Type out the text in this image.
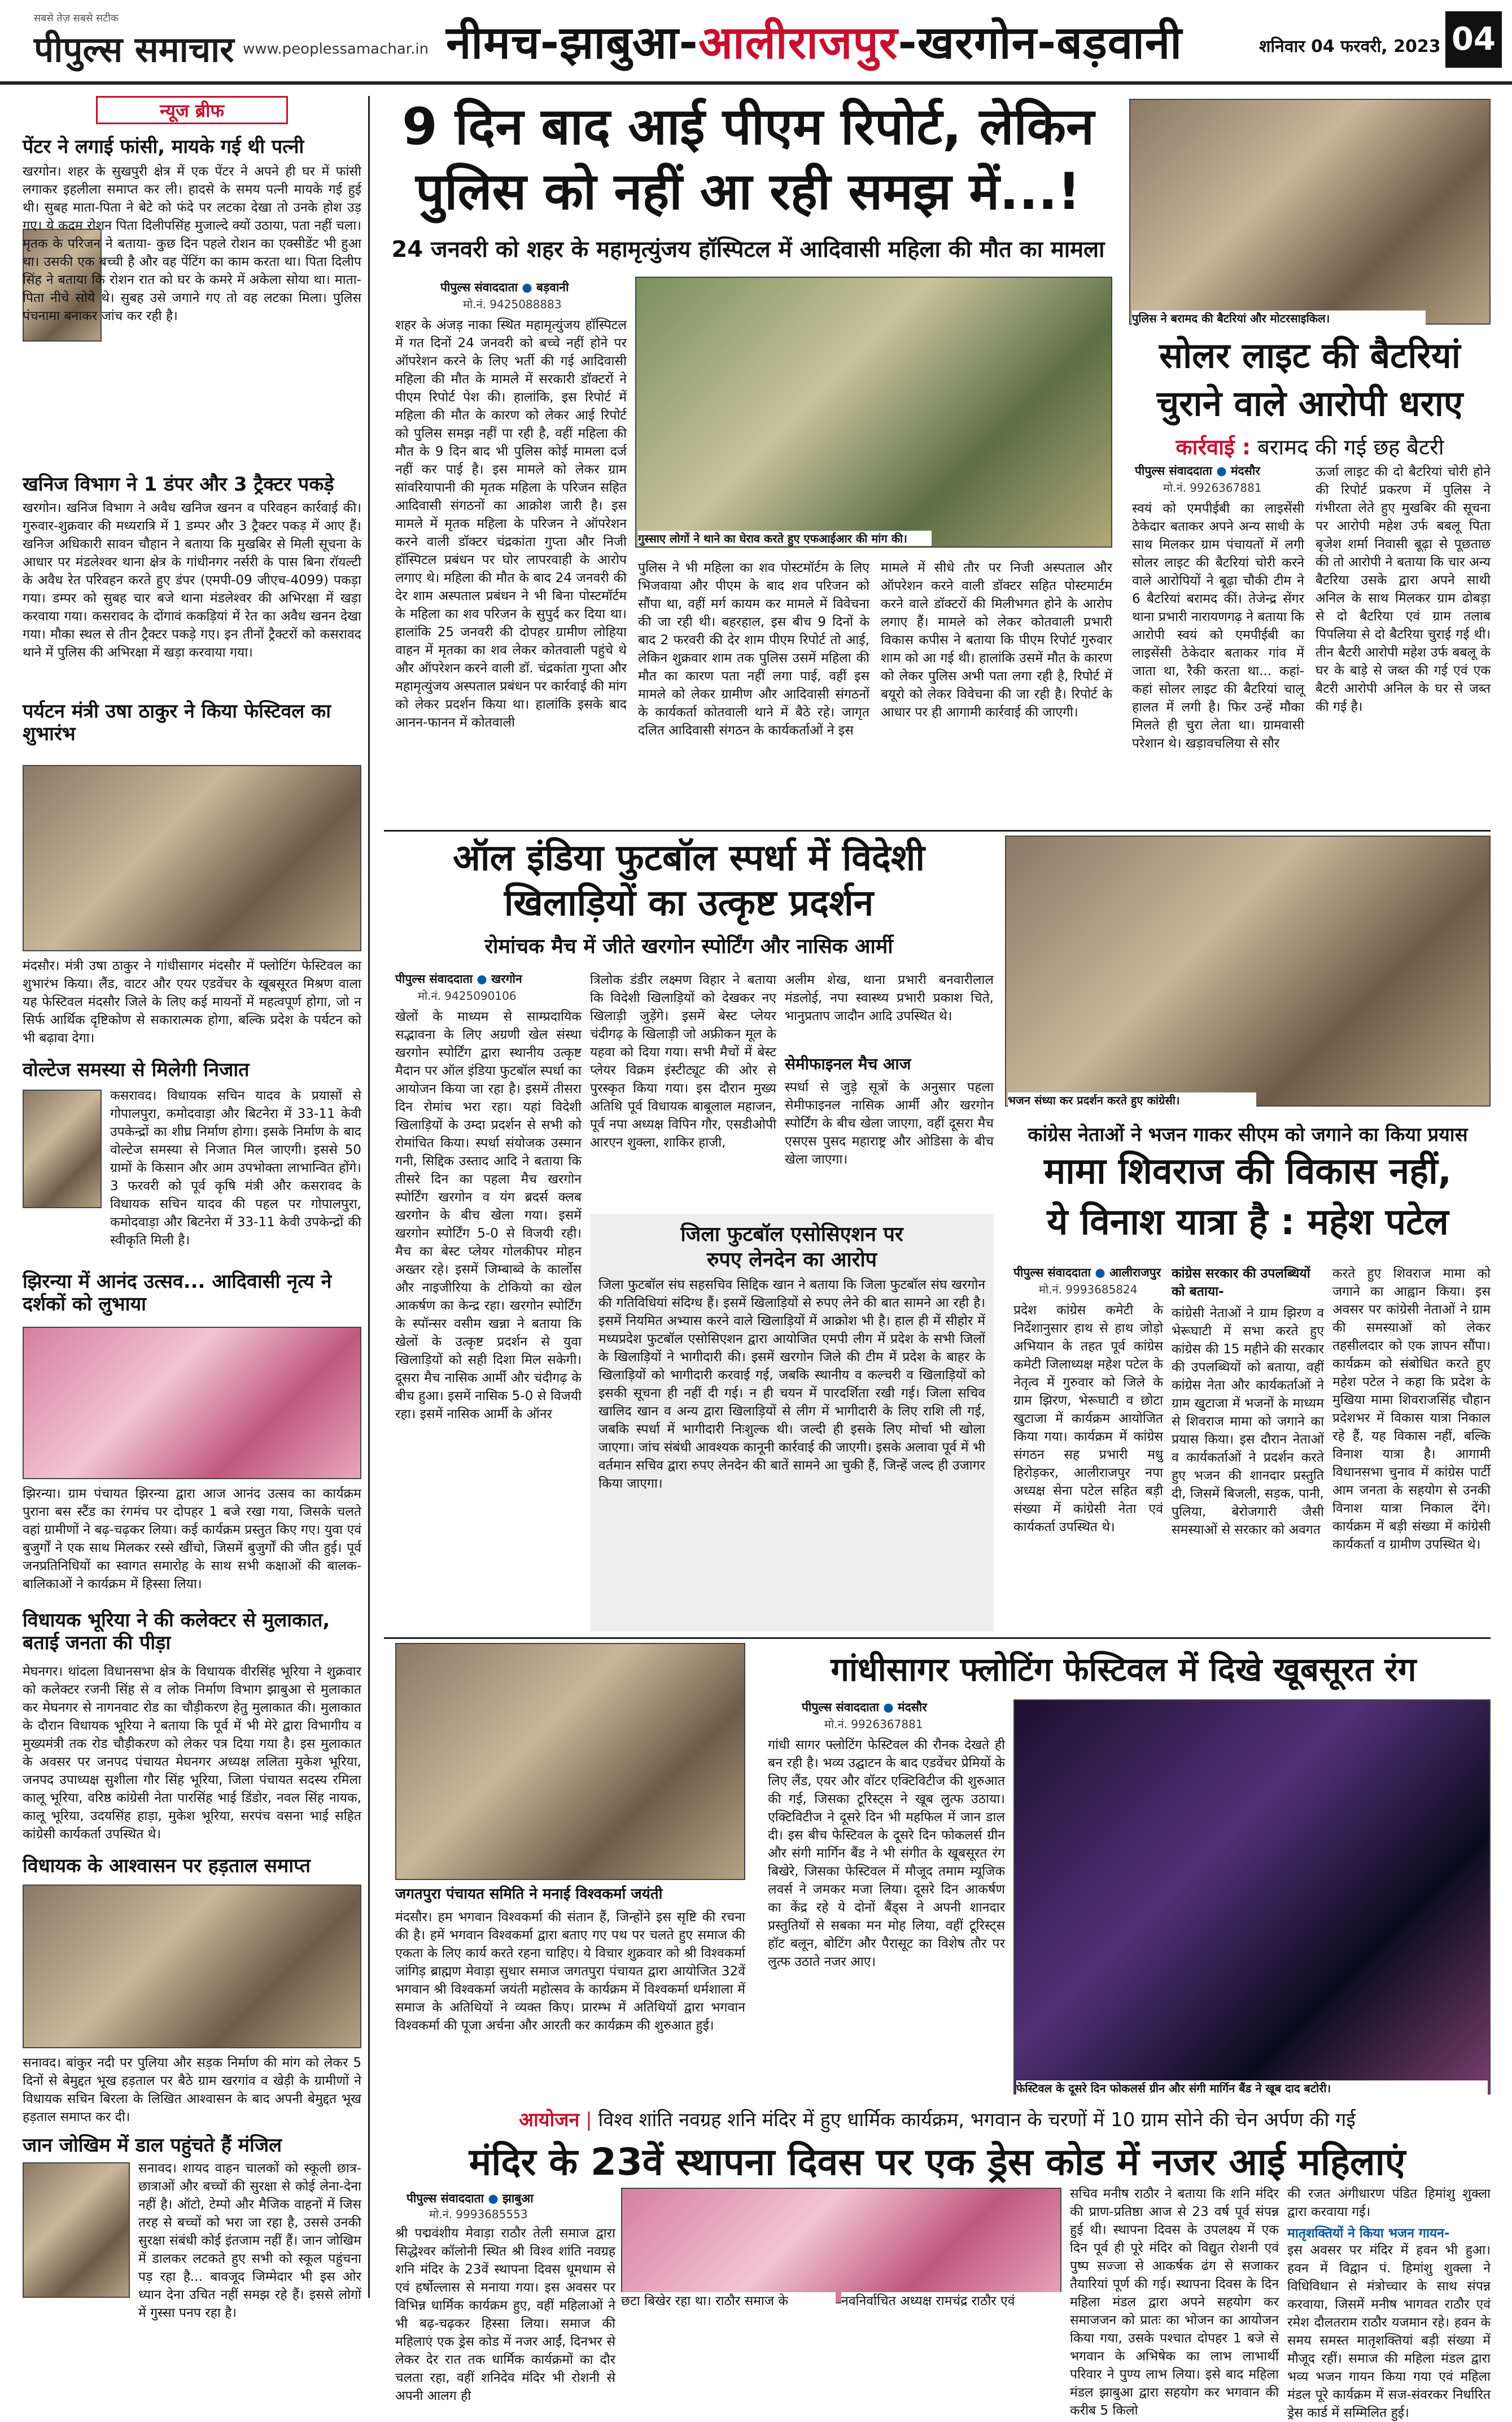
सबसे तेज़ सबसे सटीक
पीपुल्स समाचार www.peoplessamachar.in नीमच-झाबुआ-आलीराजपुर-खरगोन-बड़वानी	शनिवार 04 फरवरी, 2023 04
न्यूज ब्रीफ
पेंटर ने लगाई फांसी, मायके गई थी पत्नी
खरगोन। शहर के सुखपुरी क्षेत्र में एक पेंटर ने अपने ही घर में फांसी लगाकर इहलीला समाप्त कर ली। हादसे के समय पत्नी मायके गई हुई थी। सुबह माता-पिता ने बेटे को फंदे पर लटका देखा तो उनके होश उड़ गए। ये कदम रोशन पिता दिलीपसिंह मुजाल्दे क्यों उठाया, पता नहीं चला। मृतक के परिजन ने बताया- कुछ दिन पहले रोशन का एक्सीडेंट भी हुआ था। उसकी एक बच्ची है और वह पेंटिंग का काम करता था। पिता दिलीप सिंह ने बताया कि रोशन रात को घर के कमरे में अकेला सोया था। माता-पिता नीचे सोये थे। सुबह उसे जगाने गए तो वह लटका मिला। पुलिस पंचनामा बनाकर जांच कर रही है।
खनिज विभाग ने 1 डंपर और 3 ट्रैक्टर पकड़े
खरगोन। खनिज विभाग ने अवैध खनिज खनन व परिवहन कार्रवाई की। गुरुवार-शुक्रवार की मध्यरात्रि में 1 डम्पर और 3 ट्रैक्टर पकड़ में आए हैं। खनिज अधिकारी सावन चौहान ने बताया कि मुखबिर से मिली सूचना के आधार पर मंडलेश्वर थाना क्षेत्र के गांधीनगर नर्सरी के पास बिना रॉयल्टी के अवैध रेत परिवहन करते हुए डंपर (एमपी-09 जीएच-4099) पकड़ा गया। डम्पर को सुबह चार बजे थाना मंडलेश्वर की अभिरक्षा में खड़ा करवाया गया। कसरावद के दोंगावं ककड़ियां में रेत का अवैध खनन देखा गया। मौका स्थल से तीन ट्रैक्टर पकड़े गए। इन तीनों ट्रैक्टरों को कसरावद थाने में पुलिस की अभिरक्षा में खड़ा करवाया गया।
पर्यटन मंत्री उषा ठाकुर ने किया फेस्टिवल का शुभारंभ
मंदसौर। मंत्री उषा ठाकुर ने गांधीसागर मंदसौर में फ्लोटिंग फेस्टिवल का शुभारंभ किया। लैंड, वाटर और एयर एडवेंचर के खूबसूरत मिश्रण वाला यह फेस्टिवल मंदसौर जिले के लिए कई मायनों में महत्वपूर्ण होगा, जो न सिर्फ आर्थिक दृष्टिकोण से सकारात्मक होगा, बल्कि प्रदेश के पर्यटन को भी बढ़ावा देगा।
वोल्टेज समस्या से मिलेगी निजात
कसरावद। विधायक सचिन यादव के प्रयासों से गोपालपुरा, कमोदवाड़ा और बिटनेरा में 33-11 केवी उपकेन्द्रों का शीघ्र निर्माण होगा। इसके निर्माण के बाद वोल्टेज समस्या से निजात मिल जाएगी। इससे 50 ग्रामों के किसान और आम उपभोक्ता लाभान्वित होंगे। 3 फरवरी को पूर्व कृषि मंत्री और कसरावद के विधायक सचिन यादव की पहल पर गोपालपुरा, कमोदवाड़ा और बिटनेरा में 33-11 केवी उपकेन्द्रों की स्वीकृति मिली है।
झिरन्या में आनंद उत्सव... आदिवासी नृत्य ने दर्शकों को लुभाया
झिरन्या। ग्राम पंचायत झिरन्या द्वारा आज आनंद उत्सव का कार्यक्रम पुराना बस स्टैंड का रंगमंच पर दोपहर 1 बजे रखा गया, जिसके चलते वहां ग्रामीणों ने बढ़-चढ़कर लिया। कई कार्यक्रम प्रस्तुत किए गए। युवा एवं बुजुर्गों ने एक साथ मिलकर रस्से खींचो, जिसमें बुजुर्गों की जीत हुई। पूर्व जनप्रतिनिधियों का स्वागत समारोह के साथ सभी कक्षाओं की बालक-बालिकाओं ने कार्यक्रम में हिस्सा लिया।
विधायक भूरिया ने की कलेक्टर से मुलाकात, बताई जनता की पीड़ा
मेघनगर। थांदला विधानसभा क्षेत्र के विधायक वीरसिंह भूरिया ने शुक्रवार को कलेक्टर रजनी सिंह से व लोक निर्माण विभाग झाबुआ से मुलाकात कर मेघनगर से नागनवाट रोड का चौड़ीकरण हेतु मुलाकात की। मुलाकात के दौरान विधायक भूरिया ने बताया कि पूर्व में भी मेरे द्वारा विभागीय व मुख्यमंत्री तक रोड चौड़ीकरण को लेकर पत्र दिया गया है। इस मुलाकात के अवसर पर जनपद पंचायत मेघनगर अध्यक्ष ललिता मुकेश भूरिया, जनपद उपाध्यक्ष सुशीला गौर सिंह भूरिया, जिला पंचायत सदस्य रमिला कालू भूरिया, वरिष्ठ कांग्रेसी नेता पारसिंह भाई डिंडोर, नवल सिंह नायक, कालू भूरिया, उदयसिंह हाड़ा, मुकेश भूरिया, सरपंच वसना भाई सहित कांग्रेसी कार्यकर्ता उपस्थित थे।
विधायक के आश्वासन पर हड़ताल समाप्त
सनावद। बांकुर नदी पर पुलिया और सड़क निर्माण की मांग को लेकर 5 दिनों से बेमुद्दत भूख हड़ताल पर बैठे ग्राम खरगांव व खेड़ी के ग्रामीणों ने विधायक सचिन बिरला के लिखित आश्वासन के बाद अपनी बेमुद्दत भूख हड़ताल समाप्त कर दी।
जान जोखिम में डाल पहुंचते हैं मंजिल
सनावद। शायद वाहन चालकों को स्कूली छात्र-छात्राओं और बच्चों की सुरक्षा से कोई लेना-देना नहीं है। ऑटो, टेम्पो और मैजिक वाहनों में जिस तरह से बच्चों को भरा जा रहा है, उससे उनकी सुरक्षा संबंधी कोई इंतजाम नहीं हैं। जान जोखिम में डालकर लटकते हुए सभी को स्कूल पहुंचना पड़ रहा है... बावजूद जिम्मेदार भी इस ओर ध्यान देना उचित नहीं समझ रहे हैं। इससे लोगों में गुस्सा पनप रहा है।
9 दिन बाद आई पीएम रिपोर्ट, लेकिन
पुलिस को नहीं आ रही समझ में...!
24 जनवरी को शहर के महामृत्युंजय हॉस्पिटल में आदिवासी महिला की मौत का मामला
पीपुल्स संवाददाता ● बड़वानी
मो.नं. 9425088883
गुस्साए लोगों ने थाने का घेराव करते हुए एफआईआर की मांग की।
शहर के अंजड़ नाका स्थित महामृत्युंजय हॉस्पिटल में गत दिनों 24 जनवरी को बच्चे नहीं होने पर ऑपरेशन करने के लिए भर्ती की गई आदिवासी महिला की मौत के मामले में सरकारी डॉक्टरों ने पीएम रिपोर्ट पेश की। हालांकि, इस रिपोर्ट में महिला की मौत के कारण को लेकर आई रिपोर्ट को पुलिस समझ नहीं पा रही है, वहीं महिला की मौत के 9 दिन बाद भी पुलिस कोई मामला दर्ज नहीं कर पाई है। इस मामले को लेकर ग्राम सांवरियापानी की मृतक महिला के परिजन सहित आदिवासी संगठनों का आक्रोश जारी है। इस मामले में मृतक महिला के परिजन ने ऑपरेशन करने वाली डॉक्टर चंद्रकांता गुप्ता और निजी हॉस्पिटल प्रबंधन पर घोर लापरवाही के आरोप लगाए थे। महिला की मौत के बाद 24 जनवरी की देर शाम अस्पताल प्रबंधन ने भी बिना पोस्टमॉर्टम के महिला का शव परिजन के सुपुर्द कर दिया था। हालांकि 25 जनवरी की दोपहर ग्रामीण लोहिया वाहन में मृतका का शव लेकर कोतवाली पहुंचे थे और ऑपरेशन करने वाली डॉ. चंद्रकांता गुप्ता और महामृत्युंजय अस्पताल प्रबंधन पर कार्रवाई की मांग को लेकर प्रदर्शन किया था। हालांकि इसके बाद आनन-फानन में कोतवाली
पुलिस ने भी महिला का शव पोस्टमॉर्टम के लिए भिजवाया और पीएम के बाद शव परिजन को सौंपा था, वहीं मर्ग कायम कर मामले में विवेचना की जा रही थी। बहरहाल, इस बीच 9 दिनों के बाद 2 फरवरी की देर शाम पीएम रिपोर्ट तो आई, लेकिन शुक्रवार शाम तक पुलिस उसमें महिला की मौत का कारण पता नहीं लगा पाई, वहीं इस मामले को लेकर ग्रामीण और आदिवासी संगठनों के कार्यकर्ता कोतवाली थाने में बैठे रहे। जागृत दलित आदिवासी संगठन के कार्यकर्ताओं ने इस
मामले में सीधे तौर पर निजी अस्पताल और ऑपरेशन करने वाली डॉक्टर सहित पोस्टमार्टम करने वाले डॉक्टरों की मिलीभगत होने के आरोप लगाए हैं। मामले को लेकर कोतवाली प्रभारी विकास कपीस ने बताया कि पीएम रिपोर्ट गुरुवार शाम को आ गई थी। हालांकि उसमें मौत के कारण को लेकर पुलिस अभी पता लगा रही है, रिपोर्ट में बयूरो को लेकर विवेचना की जा रही है। रिपोर्ट के आधार पर ही आगामी कार्रवाई की जाएगी।
पुलिस ने बरामद की बैटरियां और मोटरसाइकिल।
सोलर लाइट की बैटरियां
चुराने वाले आरोपी धराए
कार्रवाई : बरामद की गई छह बैटरी
पीपुल्स संवाददाता ● मंदसौर
मो.नं. 9926367881
स्वयं को एमपीईबी का लाइसेंसी ठेकेदार बताकर अपने अन्य साथी के साथ मिलकर ग्राम पंचायतों में लगी सोलर लाइट की बैटरियां चोरी करने वाले आरोपियों ने बूढ़ा चौकी टीम ने 6 बैटरियां बरामद कीं। तेजेन्द्र सेंगर थाना प्रभारी नारायणगढ़ ने बताया कि आरोपी स्वयं को एमपीईबी का लाइसेंसी ठेकेदार बताकर गांव में जाता था, रैकी करता था... कहां-कहां सोलर लाइट की बैटरियां चालू हालत में लगी है। फिर उन्हें मौका मिलते ही चुरा लेता था। ग्रामवासी परेशान थे। खड़ावचलिया से सौर
ऊर्जा लाइट की दो बैटरियां चोरी होने की रिपोर्ट प्रकरण में पुलिस ने गंभीरता लेते हुए मुखबिर की सूचना पर आरोपी महेश उर्फ बबलू पिता बृजेश शर्मा निवासी बूढ़ा से पूछताछ की तो आरोपी ने बताया कि चार अन्य बैटरिया उसके द्वारा अपने साथी अनिल के साथ मिलकर ग्राम ढोबड़ा से दो बैटरिया एवं ग्राम तलाब पिपलिया से दो बैटरिया चुराई गई थी। तीन बैटरी आरोपी महेश उर्फ बबलू के घर के बाड़े से जब्त की गई एवं एक बैटरी आरोपी अनिल के घर से जब्त की गई है।
ऑल इंडिया फुटबॉल स्पर्धा में विदेशी
खिलाड़ियों का उत्कृष्ट प्रदर्शन
रोमांचक मैच में जीते खरगोन स्पोर्टिंग और नासिक आर्मी
पीपुल्स संवाददाता ● खरगोन
मो.नं. 9425090106
खेलों के माध्यम से साम्प्रदायिक सद्भावना के लिए अग्रणी खेल संस्था खरगोन स्पोर्टिंग द्वारा स्थानीय उत्कृष्ट मैदान पर ऑल इंडिया फुटबॉल स्पर्धा का आयोजन किया जा रहा है। इसमें तीसरा दिन रोमांच भरा रहा। यहां विदेशी खिलाड़ियों के उम्दा प्रदर्शन से सभी को रोमांचित किया। स्पर्धा संयोजक उस्मान गनी, सिद्दिक उस्ताद आदि ने बताया कि तीसरे दिन का पहला मैच खरगोन स्पोर्टिंग खरगोन व यंग ब्रदर्स क्लब खरगोन के बीच खेला गया। इसमें खरगोन स्पोर्टिंग 5-0 से विजयी रही। मैच का बेस्ट प्लेयर गोलकीपर मोहन अख्तर रहे। इसमें जिम्बाब्वे के कार्लोस और नाइजीरिया के टोकियो का खेल आकर्षण का केन्द्र रहा। खरगोन स्पोर्टिंग के स्पॉन्सर वसीम खन्ना ने बताया कि खेलों के उत्कृष्ट प्रदर्शन से युवा खिलाड़ियों को सही दिशा मिल सकेगी। दूसरा मैच नासिक आर्मी और चंदीगढ़ के बीच हुआ। इसमें नासिक 5-0 से विजयी रहा। इसमें नासिक आर्मी के ऑनर
त्रिलोक डंडीर लक्ष्मण विहार ने बताया कि विदेशी खिलाड़ियों को देखकर नए खिलाड़ी जुड़ेंगे। इसमें बेस्ट प्लेयर चंदीगढ़ के खिलाड़ी जो अफ्रीकन मूल के यहवा को दिया गया। सभी मैचों में बेस्ट प्लेयर विक्रम इंस्टीट्यूट की ओर से पुरस्कृत किया गया। इस दौरान मुख्य अतिथि पूर्व विधायक बाबूलाल महाजन, पूर्व नपा अध्यक्ष विपिन गौर, एसडीओपी आरएन शुक्ला, शाकिर हाजी,
अलीम शेख, थाना प्रभारी बनवारीलाल मंडलोई, नपा स्वास्थ्य प्रभारी प्रकाश चिते, भानुप्रताप जादौन आदि उपस्थित थे।
सेमीफाइनल मैच आज
स्पर्धा से जुड़े सूत्रों के अनुसार पहला सेमीफाइनल नासिक आर्मी और खरगोन स्पोर्टिंग के बीच खेला जाएगा, वहीं दूसरा मैच एसएस पुसद महाराष्ट्र और ओडिसा के बीच खेला जाएगा।
जिला फुटबॉल एसोसिएशन पर
रुपए लेनदेन का आरोप
जिला फुटबॉल संघ सहसचिव सिद्दिक खान ने बताया कि जिला फुटबॉल संघ खरगोन की गतिविधियां संदिग्ध हैं। इसमें खिलाड़ियों से रुपए लेने की बात सामने आ रही है। इसमें नियमित अभ्यास करने वाले खिलाड़ियों में आक्रोश भी है। हाल ही में सीहोर में मध्यप्रदेश फुटबॉल एसोसिएशन द्वारा आयोजित एमपी लीग में प्रदेश के सभी जिलों के खिलाड़ियों ने भागीदारी की। इसमें खरगोन जिले की टीम में प्रदेश के बाहर के खिलाड़ियों को भागीदारी करवाई गई, जबकि स्थानीय व कल्चरी व खिलाड़ियों को इसकी सूचना ही नहीं दी गई। न ही चयन में पारदर्शिता रखी गई। जिला सचिव खालिद खान व अन्य द्वारा खिलाड़ियों से लीग में भागीदारी के लिए राशि ली गई, जबकि स्पर्धा में भागीदारी निःशुल्क थी। जल्दी ही इसके लिए मोर्चा भी खोला जाएगा। जांच संबंधी आवश्यक कानूनी कार्रवाई की जाएगी। इसके अलावा पूर्व में भी वर्तमान सचिव द्वारा रुपए लेनदेन की बातें सामने आ चुकी हैं, जिन्हें जल्द ही उजागर किया जाएगा।
भजन संध्या कर प्रदर्शन करते हुए कांग्रेसी।
कांग्रेस नेताओं ने भजन गाकर सीएम को जगाने का किया प्रयास
मामा शिवराज की विकास नहीं,
ये विनाश यात्रा है : महेश पटेल
पीपुल्स संवाददाता ● आलीराजपुर
मो.नं. 9993685824
प्रदेश कांग्रेस कमेटी के निर्देशानुसार हाथ से हाथ जोड़ो अभियान के तहत पूर्व कांग्रेस कमेटी जिलाध्यक्ष महेश पटेल के नेतृत्व में गुरुवार को जिले के ग्राम झिरण, भेरूघाटी व छोटा खुटाजा में कार्यक्रम आयोजित किया गया। कार्यक्रम में कांग्रेस संगठन सह प्रभारी मधु हिरोड़कर, आलीराजपुर नपा अध्यक्ष सेना पटेल सहित बड़ी संख्या में कांग्रेसी नेता एवं कार्यकर्ता उपस्थित थे।
कांग्रेस सरकार की उपलब्धियों को बताया-
कांग्रेसी नेताओं ने ग्राम झिरण व भेरूघाटी में सभा करते हुए कांग्रेस की 15 महीने की सरकार की उपलब्धियों को बताया, वहीं कांग्रेस नेता और कार्यकर्ताओं ने ग्राम खुटाजा में भजनों के माध्यम से शिवराज मामा को जगाने का प्रयास किया। इस दौरान नेताओं व कार्यकर्ताओं ने प्रदर्शन करते हुए भजन की शानदार प्रस्तुति दी, जिसमें बिजली, सड़क, पानी, पुलिया, बेरोजगारी जैसी समस्याओं से सरकार को अवगत
करते हुए शिवराज मामा को जगाने का आह्वान किया। इस अवसर पर कांग्रेसी नेताओं ने ग्राम की समस्याओं को लेकर तहसीलदार को एक ज्ञापन सौंपा। कार्यक्रम को संबोधित करते हुए महेश पटेल ने कहा कि प्रदेश के मुखिया मामा शिवराजसिंह चौहान प्रदेशभर में विकास यात्रा निकाल रहे हैं, यह विकास नहीं, बल्कि विनाश यात्रा है। आगामी विधानसभा चुनाव में कांग्रेस पार्टी आम जनता के सहयोग से उनकी विनाश यात्रा निकाल देंगे। कार्यक्रम में बड़ी संख्या में कांग्रेसी कार्यकर्ता व ग्रामीण उपस्थित थे।
जगतपुरा पंचायत समिति ने मनाई विश्वकर्मा जयंती
मंदसौर। हम भगवान विश्वकर्मा की संतान हैं, जिन्होंने इस सृष्टि की रचना की है। हमें भगवान विश्वकर्मा द्वारा बताए गए पथ पर चलते हुए समाज की एकता के लिए कार्य करते रहना चाहिए। ये विचार शुक्रवार को श्री विश्वकर्मा जांगिड़ ब्राह्मण मेवाड़ा सुथार समाज जगतपुरा पंचायत द्वारा आयोजित 32वें भगवान श्री विश्वकर्मा जयंती महोत्सव के कार्यक्रम में विश्वकर्मा धर्मशाला में समाज के अतिथियों ने व्यक्त किए। प्रारम्भ में अतिथियों द्वारा भगवान विश्वकर्मा की पूजा अर्चना और आरती कर कार्यक्रम की शुरुआत हुई।
गांधीसागर फ्लोटिंग फेस्टिवल में दिखे खूबसूरत रंग
पीपुल्स संवाददाता ● मंदसौर
मो.नं. 9926367881
गांधी सागर फ्लोटिंग फेस्टिवल की रौनक देखते ही बन रही है। भव्य उद्घाटन के बाद एडवेंचर प्रेमियों के लिए लैंड, एयर और वॉटर एक्टिविटीज की शुरुआत की गई, जिसका टूरिस्ट्स ने खूब लुत्फ उठाया। एक्टिविटीज ने दूसरे दिन भी महफिल में जान डाल दी। इस बीच फेस्टिवल के दूसरे दिन फोकलर्स ग्रीन और संगी मार्गिन बैंड ने भी संगीत के खूबसूरत रंग बिखेरे, जिसका फेस्टिवल में मौजूद तमाम म्यूजिक लवर्स ने जमकर मजा लिया। दूसरे दिन आकर्षण का केंद्र रहे ये दोनों बैंड्स ने अपनी शानदार प्रस्तुतियों से सबका मन मोह लिया, वहीं टूरिस्ट्स हॉट बलून, बोटिंग और पैरासूट का विशेष तौर पर लुत्फ उठाते नजर आए।
फेस्टिवल के दूसरे दिन फोकलर्स ग्रीन और संगी मार्गिन बैंड ने खूब दाद बटोरी।
आयोजन | विश्व शांति नवग्रह शनि मंदिर में हुए धार्मिक कार्यक्रम, भगवान के चरणों में 10 ग्राम सोने की चेन अर्पण की गई
मंदिर के 23वें स्थापना दिवस पर एक ड्रेस कोड में नजर आई महिलाएं
पीपुल्स संवाददाता ● झाबुआ
मो.नं. 9993685553
श्री पद्मवंशीय मेवाड़ा राठौर तेली समाज द्वारा सिद्धेश्वर कॉलोनी स्थित श्री विश्व शांति नवग्रह शनि मंदिर के 23वें स्थापना दिवस धूमधाम से एवं हर्षोल्लास से मनाया गया। इस अवसर पर विभिन्न धार्मिक कार्यक्रम हुए, वहीं महिलाओं ने भी बढ़-चढ़कर हिस्सा लिया। समाज की महिलाएं एक ड्रेस कोड में नजर आईं, दिनभर से लेकर देर रात तक धार्मिक कार्यक्रमों का दौर चलता रहा, वहीं शनिदेव मंदिर भी रोशनी से अपनी आलग ही
छटा बिखेर रहा था। राठौर समाज के	नवनिर्वाचित अध्यक्ष रामचंद्र राठौर एवं
सचिव मनीष राठौर ने बताया कि शनि मंदिर की प्राण-प्रतिष्ठा आज से 23 वर्ष पूर्व संपन्न हुई थी। स्थापना दिवस के उपलक्ष्य में एक दिन पूर्व ही पूरे मंदिर को विद्युत रोशनी एवं पुष्प सज्जा से आकर्षक ढंग से सजाकर तैयारियां पूर्ण की गई। स्थापना दिवस के दिन महिला मंडल द्वारा अपने सहयोग कर समाजजन को प्रातः का भोजन का आयोजन किया गया, उसके पश्चात दोपहर 1 बजे से भगवान के अभिषेक का लाभ लाभार्थी परिवार ने पुण्य लाभ लिया। इसे बाद महिला मंडल झाबुआ द्वारा सहयोग कर भगवान की करीब 5 किलो
की रजत अंगीधारण पंडित हिमांशु शुक्ला द्वारा करवाया गई।
मातृशक्तियों ने किया भजन गायन-
इस अवसर पर मंदिर में हवन भी हुआ। हवन में विद्वान पं. हिमांशु शुक्ला ने विधिविधान से मंत्रोच्चार के साथ संपन्न करवाया, जिसमें मनीष भागवत राठौर एवं रमेश दौलतराम राठौर यजमान रहे। हवन के समय समस्त मातृशक्तियां बड़ी संख्या में मौजूद रहीं। समाज की महिला मंडल द्वारा भव्य भजन गायन किया गया एवं महिला मंडल पूरे कार्यक्रम में सज-संवरकर निर्धारित ड्रेस कार्ड में सम्मिलित हुई।
